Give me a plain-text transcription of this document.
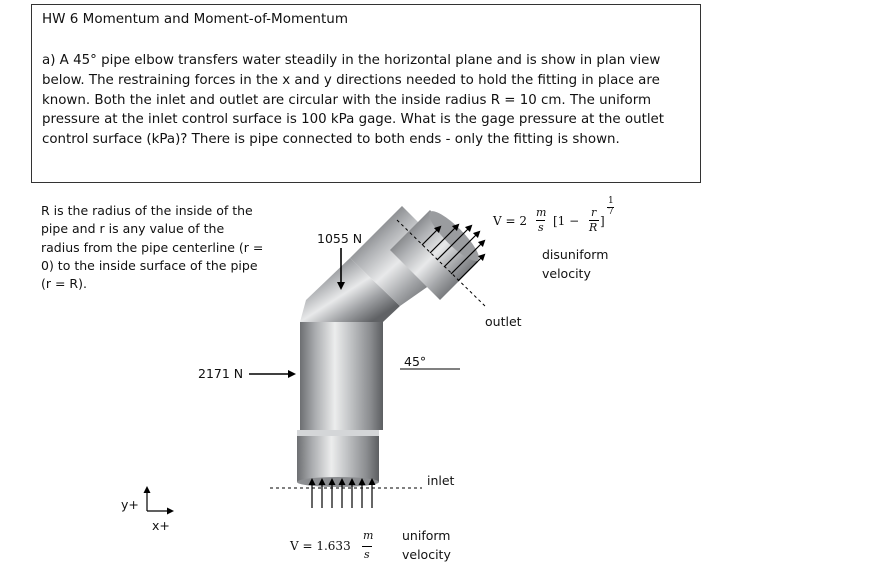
HW 6 Momentum and Moment-of-Momentum
a) A 45° pipe elbow transfers water steadily in the horizontal plane and is show in plan view below. The restraining forces in the x and y directions needed to hold the fitting in place are known. Both the inlet and outlet are circular with the inside radius R = 10 cm. The uniform pressure at the inlet control surface is 100 kPa gage. What is the gage pressure at the outlet control surface (kPa)? There is pipe connected to both ends - only the fitting is shown.
R is the radius of the inside of the pipe and r is any value of the radius from the pipe centerline (r = 0) to the inside surface of the pipe (r = R).
1055 N
2171 N
45°
outlet
inlet
V = 2
m
s [1 −
r
R ]
1
7
disuniform velocity
V = 1.633
m
s
uniform velocity
y+
x+
